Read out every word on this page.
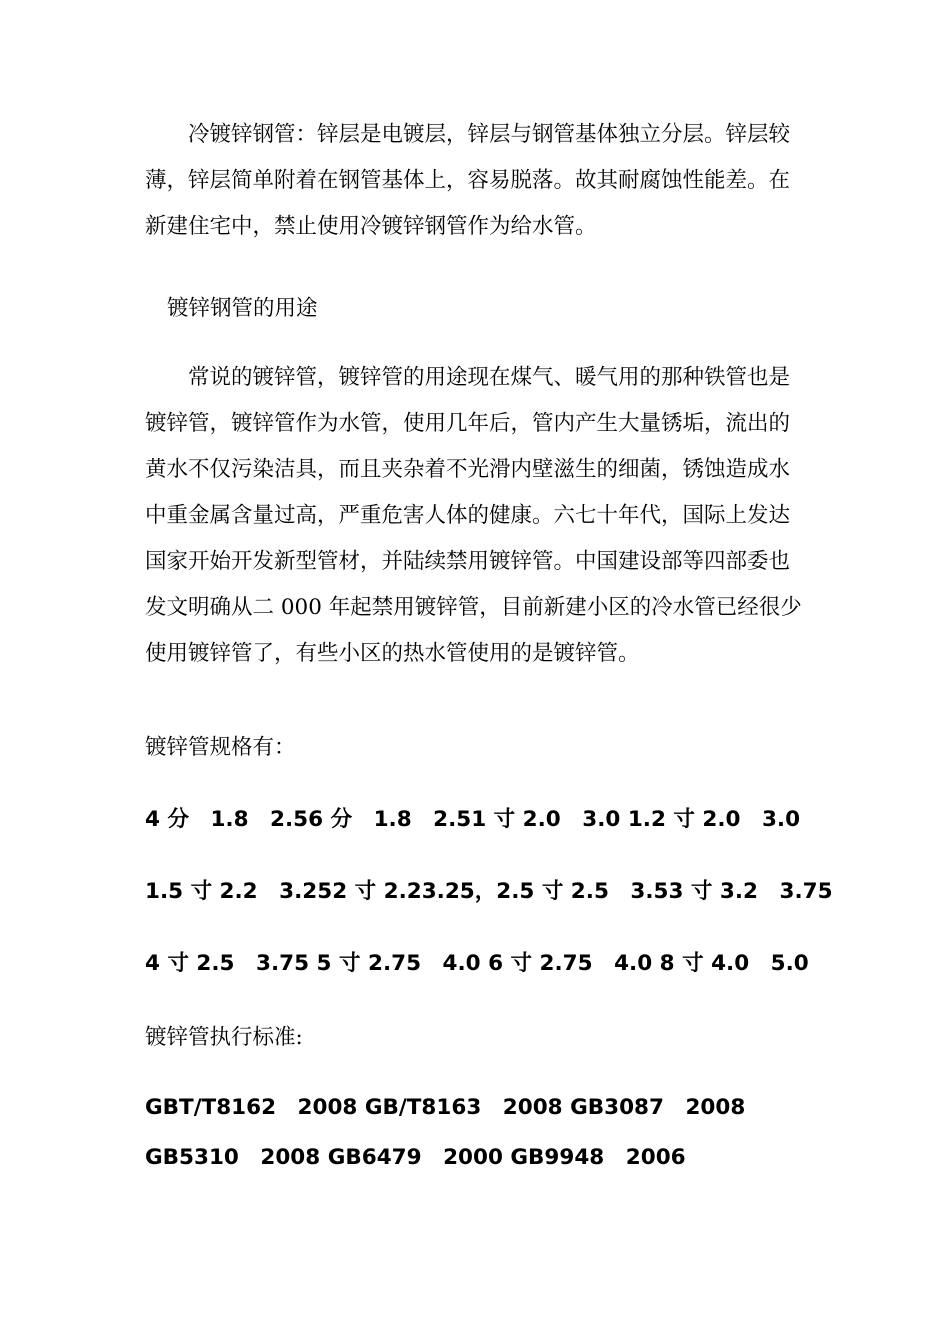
冷镀锌钢管：锌层是电镀层，锌层与钢管基体独立分层。锌层较
薄，锌层简单附着在钢管基体上，容易脱落。故其耐腐蚀性能差。在
新建住宅中，禁止使用冷镀锌钢管作为给水管。
镀锌钢管的用途
常说的镀锌管，镀锌管的用途现在煤气、暖气用的那种铁管也是
镀锌管，镀锌管作为水管，使用几年后，管内产生大量锈垢，流出的
黄水不仅污染洁具，而且夹杂着不光滑内壁滋生的细菌，锈蚀造成水
中重金属含量过高，严重危害人体的健康。六七十年代，国际上发达
国家开始开发新型管材，并陆续禁用镀锌管。中国建设部等四部委也
发文明确从二 000 年起禁用镀锌管，目前新建小区的冷水管已经很少
使用镀锌管了，有些小区的热水管使用的是镀锌管。
镀锌管规格有：

4 分　1.8　2.56 分　1.8　2.51 寸 2.0　3.0 1.2 寸 2.0　3.0

1.5 寸 2.2　3.252 寸 2.23.25，2.5 寸 2.5　3.53 寸 3.2　3.75

4 寸 2.5　3.75 5 寸 2.75　4.0 6 寸 2.75　4.0 8 寸 4.0　5.0

镀锌管执行标准:

GBT/T8162　2008 GB/T8163　2008 GB3087　2008

GB5310　2008 GB6479　2000 GB9948　2006
